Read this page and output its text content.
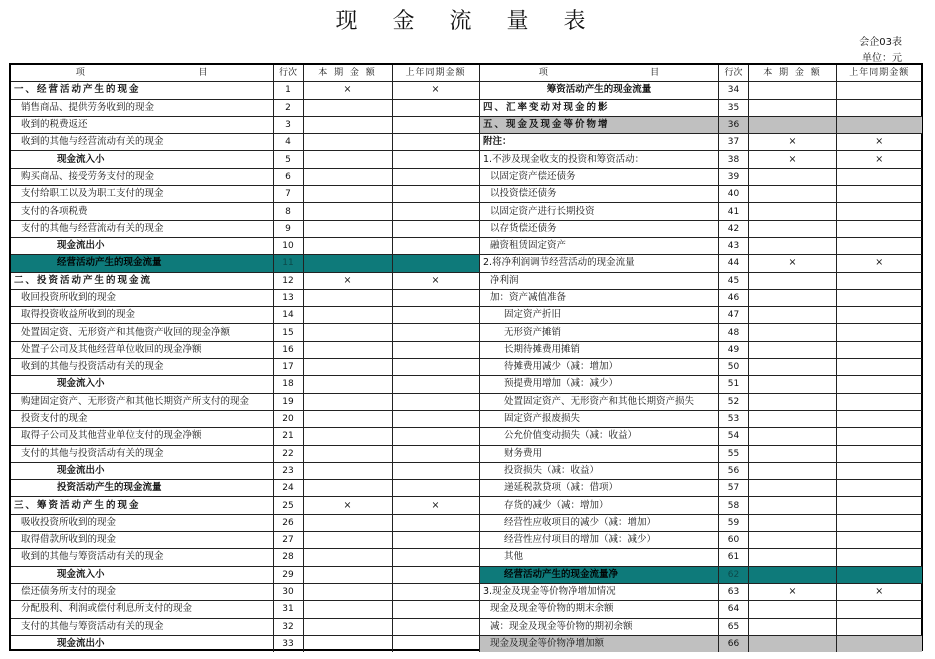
现 金 流 量 表
会企03表
单位：元
项 目	行次	本 期 金 额	上年同期金额
一、经营活动产生的现金	1	×	×
销售商品、提供劳务收到的现金	2		
收到的税费返还	3		
收到的其他与经营流动有关的现金	4		
现金流入小	5		
购买商品、接受劳务支付的现金	6		
支付给职工以及为职工支付的现金	7		
支付的各项税费	8		
支付的其他与经营流动有关的现金	9		
现金流出小	10		
经营活动产生的现金流量	11		
二、投资活动产生的现金流	12	×	×
收回投资所收到的现金	13		
取得投资收益所收到的现金	14		
处置固定资、无形资产和其他资产收回的现金净额	15		
处置子公司及其他经营单位收回的现金净额	16		
收到的其他与投资活动有关的现金	17		
现金流入小	18		
购建固定资产、无形资产和其他长期资产所支付的现金	19		
投资支付的现金	20		
取得子公司及其他营业单位支付的现金净额	21		
支付的其他与投资活动有关的现金	22		
现金流出小	23		
投资活动产生的现金流量	24		
三、筹资活动产生的现金	25	×	×
吸收投资所收到的现金	26		
取得借款所收到的现金	27		
收到的其他与筹资活动有关的现金	28		
现金流入小	29		
偿还债务所支付的现金	30		
分配股利、利润或偿付利息所支付的现金	31		
支付的其他与筹资活动有关的现金	32		
现金流出小	33		
项 目	行次	本 期 金 额	上年同期金额
筹资活动产生的现金流量	34		
四、汇率变动对现金的影	35		
五、现金及现金等价物增	36		
附注：	37	×	×
1.不涉及现金收支的投资和筹资活动：	38	×	×
以固定资产偿还债务	39		
以投资偿还债务	40		
以固定资产进行长期投资	41		
以存货偿还债务	42		
融资租赁固定资产	43		
2.将净利润调节经营活动的现金流量	44	×	×
净利润	45		
加：资产减值准备	46		
固定资产折旧	47		
无形资产摊销	48		
长期待摊费用摊销	49		
待摊费用减少（减：增加）	50		
预提费用增加（减：减少）	51		
处置固定资产、无形资产和其他长期资产损失	52		
固定资产报废损失	53		
公允价值变动损失（减：收益）	54		
财务费用	55		
投资损失（减：收益）	56		
递延税款贷项（减：借项）	57		
存货的减少（减：增加）	58		
经营性应收项目的减少（减：增加）	59		
经营性应付项目的增加（减：减少）	60		
其他	61		
经营活动产生的现金流量净	62		
3.现金及现金等价物净增加情况	63	×	×
现金及现金等价物的期末余额	64		
减：现金及现金等价物的期初余额	65		
现金及现金等价物净增加额	66		
